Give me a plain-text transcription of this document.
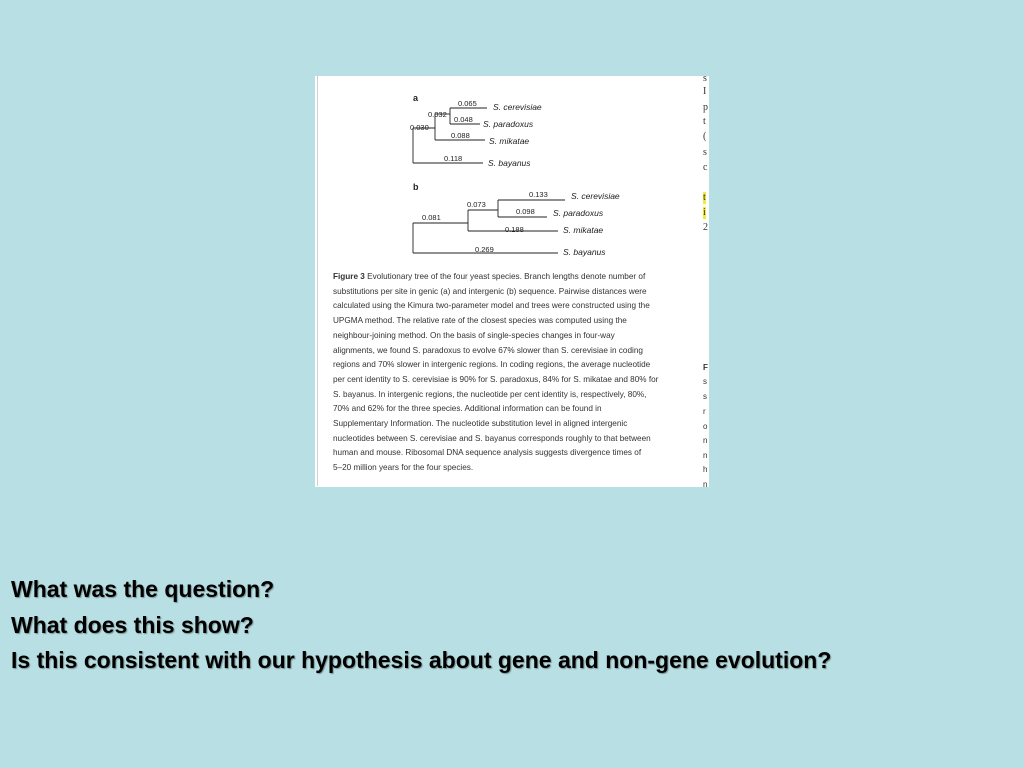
a
0.065
0.032
0.048
0.030
0.088
0.118
S. cerevisiae
S. paradoxus
S. mikatae
S. bayanus
b
0.133
0.073
0.098
0.081
0.188
0.269
S. cerevisiae
S. paradoxus
S. mikatae
S. bayanus
Figure 3 Evolutionary tree of the four yeast species. Branch lengths denote number of
substitutions per site in genic (a) and intergenic (b) sequence. Pairwise distances were
calculated using the Kimura two-parameter model and trees were constructed using the
UPGMA method. The relative rate of the closest species was computed using the
neighbour-joining method. On the basis of single-species changes in four-way
alignments, we found S. paradoxus to evolve 67% slower than S. cerevisiae in coding
regions and 70% slower in intergenic regions. In coding regions, the average nucleotide
per cent identity to S. cerevisiae is 90% for S. paradoxus, 84% for S. mikatae and 80% for
S. bayanus. In intergenic regions, the nucleotide per cent identity is, respectively, 80%,
70% and 62% for the three species. Additional information can be found in
Supplementary Information. The nucleotide substitution level in aligned intergenic
nucleotides between S. cerevisiae and S. bayanus corresponds roughly to that between
human and mouse. Ribosomal DNA sequence analysis suggests divergence times of
5–20 million years for the four species.
s
I
p
t
(
s
c
t
i
2
F
s
s
r
o
n
n
h
n
What was the question?
What does this show?
Is this consistent with our hypothesis about gene and non-gene evolution?
